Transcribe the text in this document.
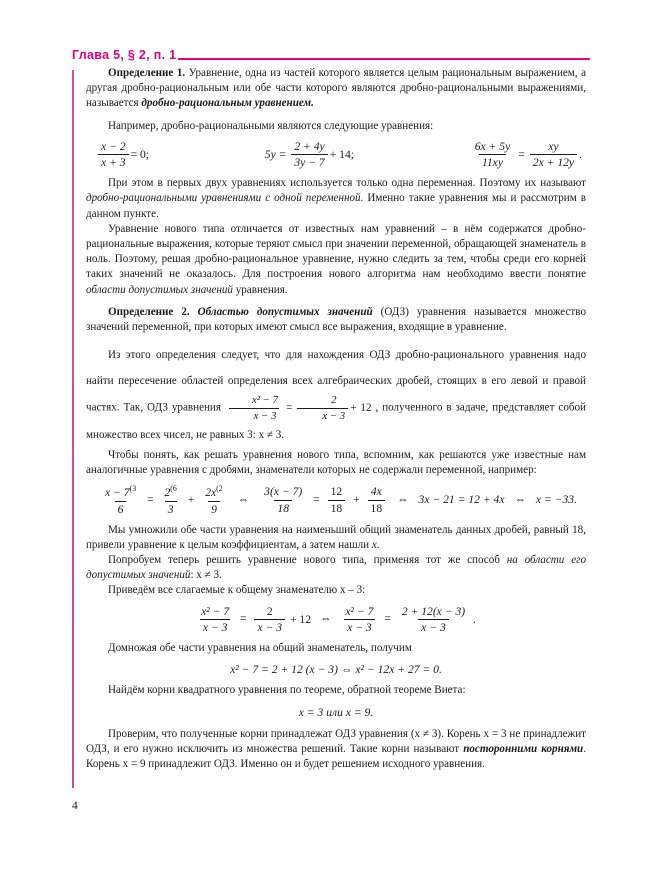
Глава 5, § 2, п. 1

Определение 1. Уравнение, одна из частей которого является целым рациональным выражением, а другая дробно-рациональным или обе части которого являются дробно-рациональными выражениями, называется дробно-рациональным уравнением.

Например, дробно-рациональными являются следующие уравнения:

$\frac{x - 2}{x + 3} = 0$;	$5y = \frac{2 + 4y}{3y - 7} + 14$;	$\frac{6x + 5y}{11xy} = \frac{xy}{2x + 12y}$ .

При этом в первых двух уравнениях используется только одна переменная. Поэтому их называют дробно-рациональными уравнениями с одной переменной. Именно такие уравнения мы и рассмотрим в данном пункте.

Уравнение нового типа отличается от известных нам уравнений – в нём содержатся дробно-рациональные выражения, которые теряют смысл при значении переменной, обращающей знаменатель в ноль. Поэтому, решая дробно-рациональное уравнение, нужно следить за тем, чтобы среди его корней таких значений не оказалось. Для построения нового алгоритма нам необходимо ввести понятие области допустимых значений уравнения.

Определение 2. Областью допустимых значений (ОДЗ) уравнения называется множество значений переменной, при которых имеют смысл все выражения, входящие в уравнение.

Из этого определения следует, что для нахождения ОДЗ дробно-рационального уравнения надо найти пересечение областей определения всех алгебраических дробей, стоящих в его левой и правой частях. Так, ОДЗ уравнения $\frac{\text{x² − 7}}{x - 3} = \frac{2}{x - 3} + 12$ , полученного в задаче, представляет собой множество всех чисел, не равных 3: x ≠ 3.

Чтобы понять, как решать уравнения нового типа, вспомним, как решаются уже известные нам аналогичные уравнения с дробями, знаменатели которых не содержали переменной, например:

$\frac{x - 7^{(3}}{6} = \frac{2^{(6}}{3} + \frac{2x^{(2}}{9}$ ⇔ $\frac{3(x - 7)}{18} = \frac{12}{18} + \frac{4x}{18}$ ⇔ 3x − 21 = 12 + 4x ⇔ x = −33.

Мы умножили обе части уравнения на наименьший общий знаменатель данных дробей, равный 18, привели уравнение к целым коэффициентам, а затем нашли x.

Попробуем теперь решить уравнение нового типа, применяя тот же способ на области его допустимых значений: x ≠ 3.

Приведём все слагаемые к общему знаменателю x – 3:

$\frac{\text{x² − 7}}{x - 3} = \frac{2}{x - 3} + 12$ ⇔ $\frac{\text{x² − 7}}{x - 3} = \frac{2 + 12(x - 3)}{x - 3}$ .

Домножая обе части уравнения на общий знаменатель, получим

x² − 7 = 2 + 12 (x − 3) ⇔ x² − 12x + 27 = 0.

Найдём корни квадратного уравнения по теореме, обратной теореме Виета:

x = 3 или x = 9.

Проверим, что полученные корни принадлежат ОДЗ уравнения (x ≠ 3). Корень x = 3 не принадлежит ОДЗ, и его нужно исключить из множества решений. Такие корни называют посторонними корнями. Корень x = 9 принадлежит ОДЗ. Именно он и будет решением исходного уравнения.

4
